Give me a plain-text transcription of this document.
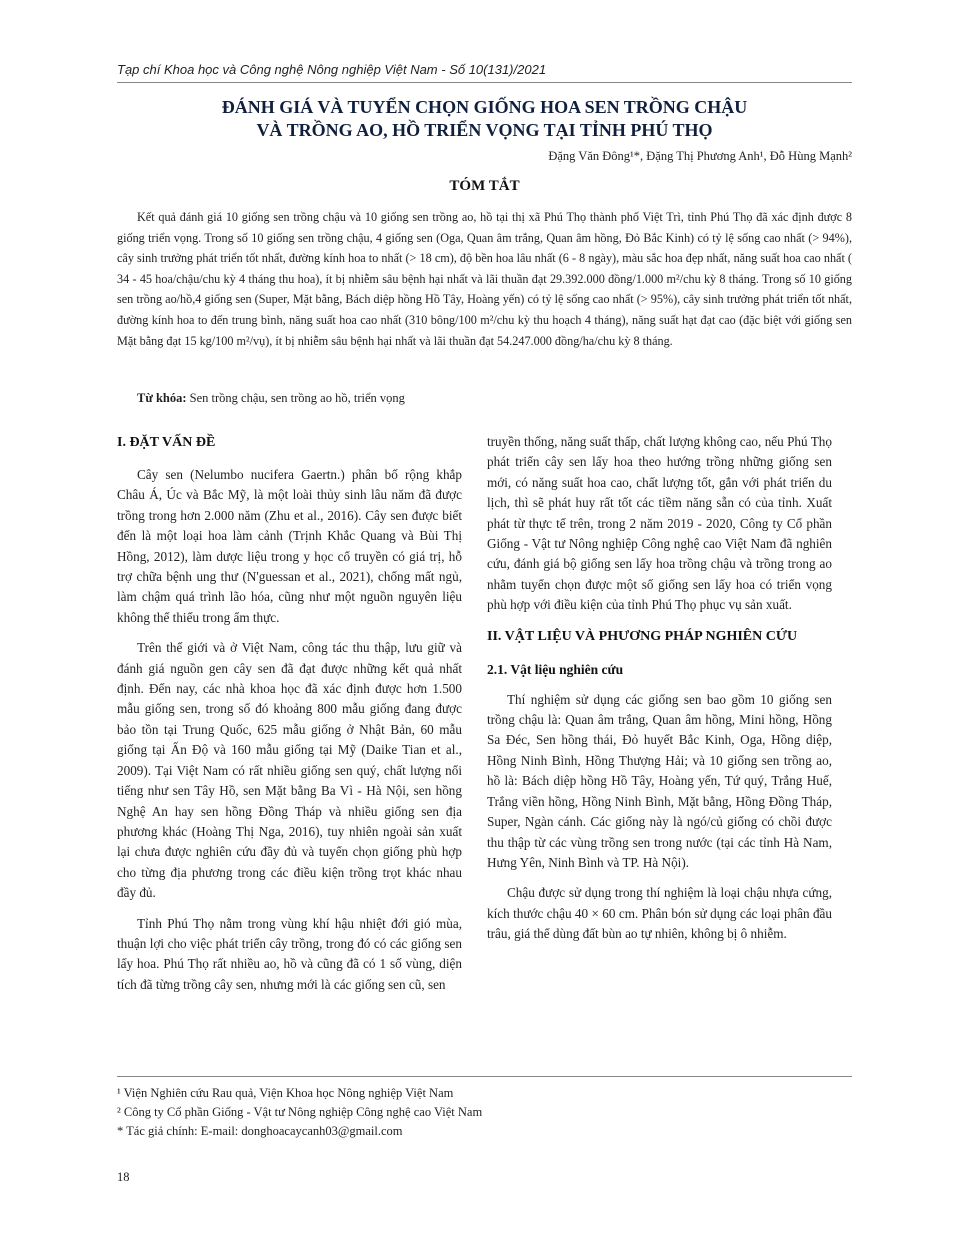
Tạp chí Khoa học và Công nghệ Nông nghiệp Việt Nam - Số 10(131)/2021
ĐÁNH GIÁ VÀ TUYỂN CHỌN GIỐNG HOA SEN TRỒNG CHẬU
VÀ TRỒNG AO, HỒ TRIỂN VỌNG TẠI TỈNH PHÚ THỌ
Đặng Văn Đông¹*, Đặng Thị Phương Anh¹, Đỗ Hùng Mạnh²
TÓM TẮT

Kết quả đánh giá 10 giống sen trồng chậu và 10 giống sen trồng ao, hồ tại thị xã Phú Thọ thành phố Việt Trì, tỉnh Phú Thọ đã xác định được 8 giống triển vọng. Trong số 10 giống sen trồng chậu, 4 giống sen (Oga, Quan âm trắng, Quan âm hồng, Đỏ Bắc Kinh) có tỷ lệ sống cao nhất (> 94%), cây sinh trưởng phát triển tốt nhất, đường kính hoa to nhất (> 18 cm), độ bền hoa lâu nhất (6 - 8 ngày), màu sắc hoa đẹp nhất, năng suất hoa cao nhất ( 34 - 45 hoa/chậu/chu kỳ 4 tháng thu hoa), ít bị nhiễm sâu bệnh hại nhất và lãi thuần đạt 29.392.000 đồng/1.000 m²/chu kỳ 8 tháng. Trong số 10 giống sen trồng ao/hồ,4 giống sen (Super, Mặt bằng, Bách diệp hồng Hồ Tây, Hoàng yến) có tỷ lệ sống cao nhất (> 95%), cây sinh trưởng phát triển tốt nhất, đường kính hoa to đến trung bình, năng suất hoa cao nhất (310 bông/100 m²/chu kỳ thu hoạch 4 tháng), năng suất hạt đạt cao (đặc biệt với giống sen Mặt bằng đạt 15 kg/100 m²/vụ), ít bị nhiễm sâu bệnh hại nhất và lãi thuần đạt 54.247.000 đồng/ha/chu kỳ 8 tháng.

Từ khóa: Sen trồng chậu, sen trồng ao hồ, triển vọng
I. ĐẶT VẤN ĐỀ

Cây sen (Nelumbo nucifera Gaertn.) phân bố rộng khắp Châu Á, Úc và Bắc Mỹ, là một loài thủy sinh lâu năm đã được trồng trong hơn 2.000 năm (Zhu et al., 2016). Cây sen được biết đến là một loại hoa làm cảnh (Trịnh Khắc Quang và Bùi Thị Hồng, 2012), làm dược liệu trong y học cổ truyền có giá trị, hỗ trợ chữa bệnh ung thư (N'guessan et al., 2021), chống mất ngủ, làm chậm quá trình lão hóa, cũng như một nguồn nguyên liệu không thể thiếu trong ẩm thực.

Trên thế giới và ở Việt Nam, công tác thu thập, lưu giữ và đánh giá nguồn gen cây sen đã đạt được những kết quả nhất định. Đến nay, các nhà khoa học đã xác định được hơn 1.500 mẫu giống sen, trong số đó khoảng 800 mẫu giống đang được bảo tồn tại Trung Quốc, 625 mẫu giống ở Nhật Bản, 60 mẫu giống tại Ấn Độ và 160 mẫu giống tại Mỹ (Daike Tian et al., 2009). Tại Việt Nam có rất nhiều giống sen quý, chất lượng nổi tiếng như sen Tây Hồ, sen Mặt bằng Ba Vì - Hà Nội, sen hồng Nghệ An hay sen hồng Đồng Tháp và nhiều giống sen địa phương khác (Hoàng Thị Nga, 2016), tuy nhiên ngoài sản xuất lại chưa được nghiên cứu đầy đủ và tuyển chọn giống phù hợp cho từng địa phương trong các điều kiện trồng trọt khác nhau đầy đủ.

Tỉnh Phú Thọ nằm trong vùng khí hậu nhiệt đới gió mùa, thuận lợi cho việc phát triển cây trồng, trong đó có các giống sen lấy hoa. Phú Thọ rất nhiều ao, hồ và cũng đã có 1 số vùng, diện tích đã từng trồng cây sen, nhưng mới là các giống sen cũ, sen

truyền thống, năng suất thấp, chất lượng không cao, nếu Phú Thọ phát triển cây sen lấy hoa theo hướng trồng những giống sen mới, có năng suất hoa cao, chất lượng tốt, gắn với phát triển du lịch, thì sẽ phát huy rất tốt các tiềm năng sẵn có của tỉnh. Xuất phát từ thực tế trên, trong 2 năm 2019 - 2020, Công ty Cổ phần Giống - Vật tư Nông nghiệp Công nghệ cao Việt Nam đã nghiên cứu, đánh giá bộ giống sen lấy hoa trồng chậu và trồng trong ao nhằm tuyển chọn được một số giống sen lấy hoa có triển vọng phù hợp với điều kiện của tỉnh Phú Thọ phục vụ sản xuất.

II. VẬT LIỆU VÀ PHƯƠNG PHÁP NGHIÊN CỨU
2.1. Vật liệu nghiên cứu

Thí nghiệm sử dụng các giống sen bao gồm 10 giống sen trồng chậu là: Quan âm trắng, Quan âm hồng, Mini hồng, Hồng Sa Đéc, Sen hồng thái, Đỏ huyết Bắc Kinh, Oga, Hồng diệp, Hồng Ninh Bình, Hồng Thượng Hải; và 10 giống sen trồng ao, hồ là: Bách diệp hồng Hồ Tây, Hoàng yến, Tứ quý, Trắng Huế, Trắng viền hồng, Hồng Ninh Bình, Mặt bằng, Hồng Đồng Tháp, Super, Ngàn cánh. Các giống này là ngó/củ giống có chồi được thu thập từ các vùng trồng sen trong nước (tại các tỉnh Hà Nam, Hưng Yên, Ninh Bình và TP. Hà Nội).

Chậu được sử dụng trong thí nghiệm là loại chậu nhựa cứng, kích thước chậu 40 × 60 cm. Phân bón sử dụng các loại phân đầu trâu, giá thể dùng đất bùn ao tự nhiên, không bị ô nhiễm.

¹ Viện Nghiên cứu Rau quả, Viện Khoa học Nông nghiệp Việt Nam
² Công ty Cổ phần Giống - Vật tư Nông nghiệp Công nghệ cao Việt Nam
* Tác giả chính: E-mail: donghoacaycanh03@gmail.com
18
